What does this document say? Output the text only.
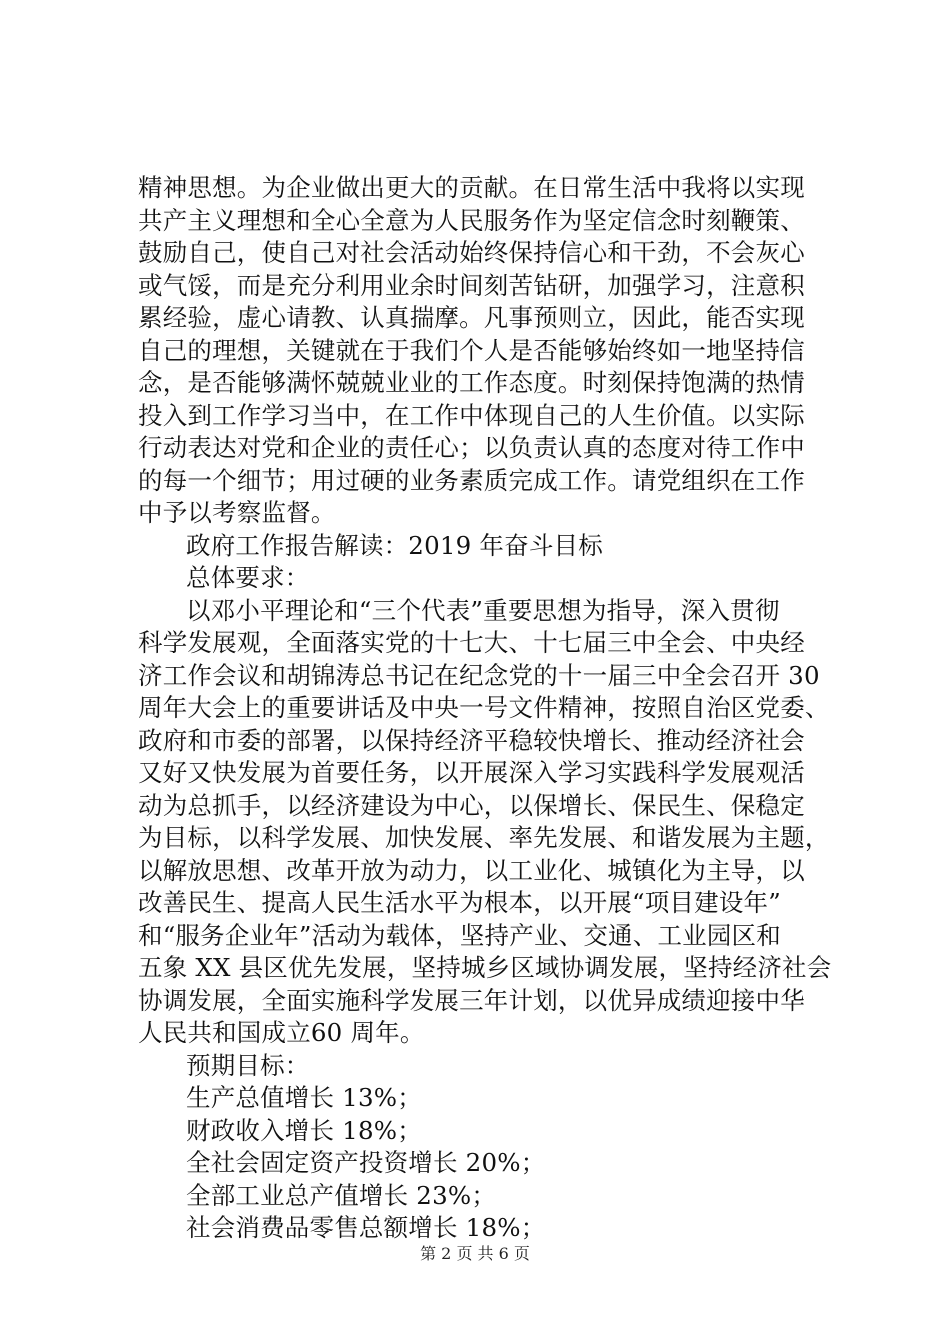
精神思想。为企业做出更大的贡献。在日常生活中我将以实现
共产主义理想和全心全意为人民服务作为坚定信念时刻鞭策、
鼓励自己，使自己对社会活动始终保持信心和干劲，不会灰心
或气馁，而是充分利用业余时间刻苦钻研，加强学习，注意积
累经验，虚心请教、认真揣摩。凡事预则立，因此，能否实现
自己的理想，关键就在于我们个人是否能够始终如一地坚持信
念，是否能够满怀兢兢业业的工作态度。时刻保持饱满的热情
投入到工作学习当中，在工作中体现自己的人生价值。以实际
行动表达对党和企业的责任心；以负责认真的态度对待工作中
的每一个细节；用过硬的业务素质完成工作。请党组织在工作
中予以考察监督。
政府工作报告解读：2019 年奋斗目标
总体要求：
以邓小平理论和“三个代表”重要思想为指导，深入贯彻
科学发展观，全面落实党的十七大、十七届三中全会、中央经
济工作会议和胡锦涛总书记在纪念党的十一届三中全会召开 30
周年大会上的重要讲话及中央一号文件精神，按照自治区党委、
政府和市委的部署，以保持经济平稳较快增长、推动经济社会
又好又快发展为首要任务，以开展深入学习实践科学发展观活
动为总抓手，以经济建设为中心，以保增长、保民生、保稳定
为目标，以科学发展、加快发展、率先发展、和谐发展为主题，
以解放思想、改革开放为动力，以工业化、城镇化为主导，以
改善民生、提高人民生活水平为根本，以开展“项目建设年”
和“服务企业年”活动为载体，坚持产业、交通、工业园区和
五象 XX 县区优先发展，坚持城乡区域协调发展，坚持经济社会
协调发展，全面实施科学发展三年计划，以优异成绩迎接中华
人民共和国成立60 周年。
预期目标：
生产总值增长 13%；
财政收入增长 18%；
全社会固定资产投资增长 20%；
全部工业总产值增长 23%；
社会消费品零售总额增长 18%；
第 2 页 共 6 页
